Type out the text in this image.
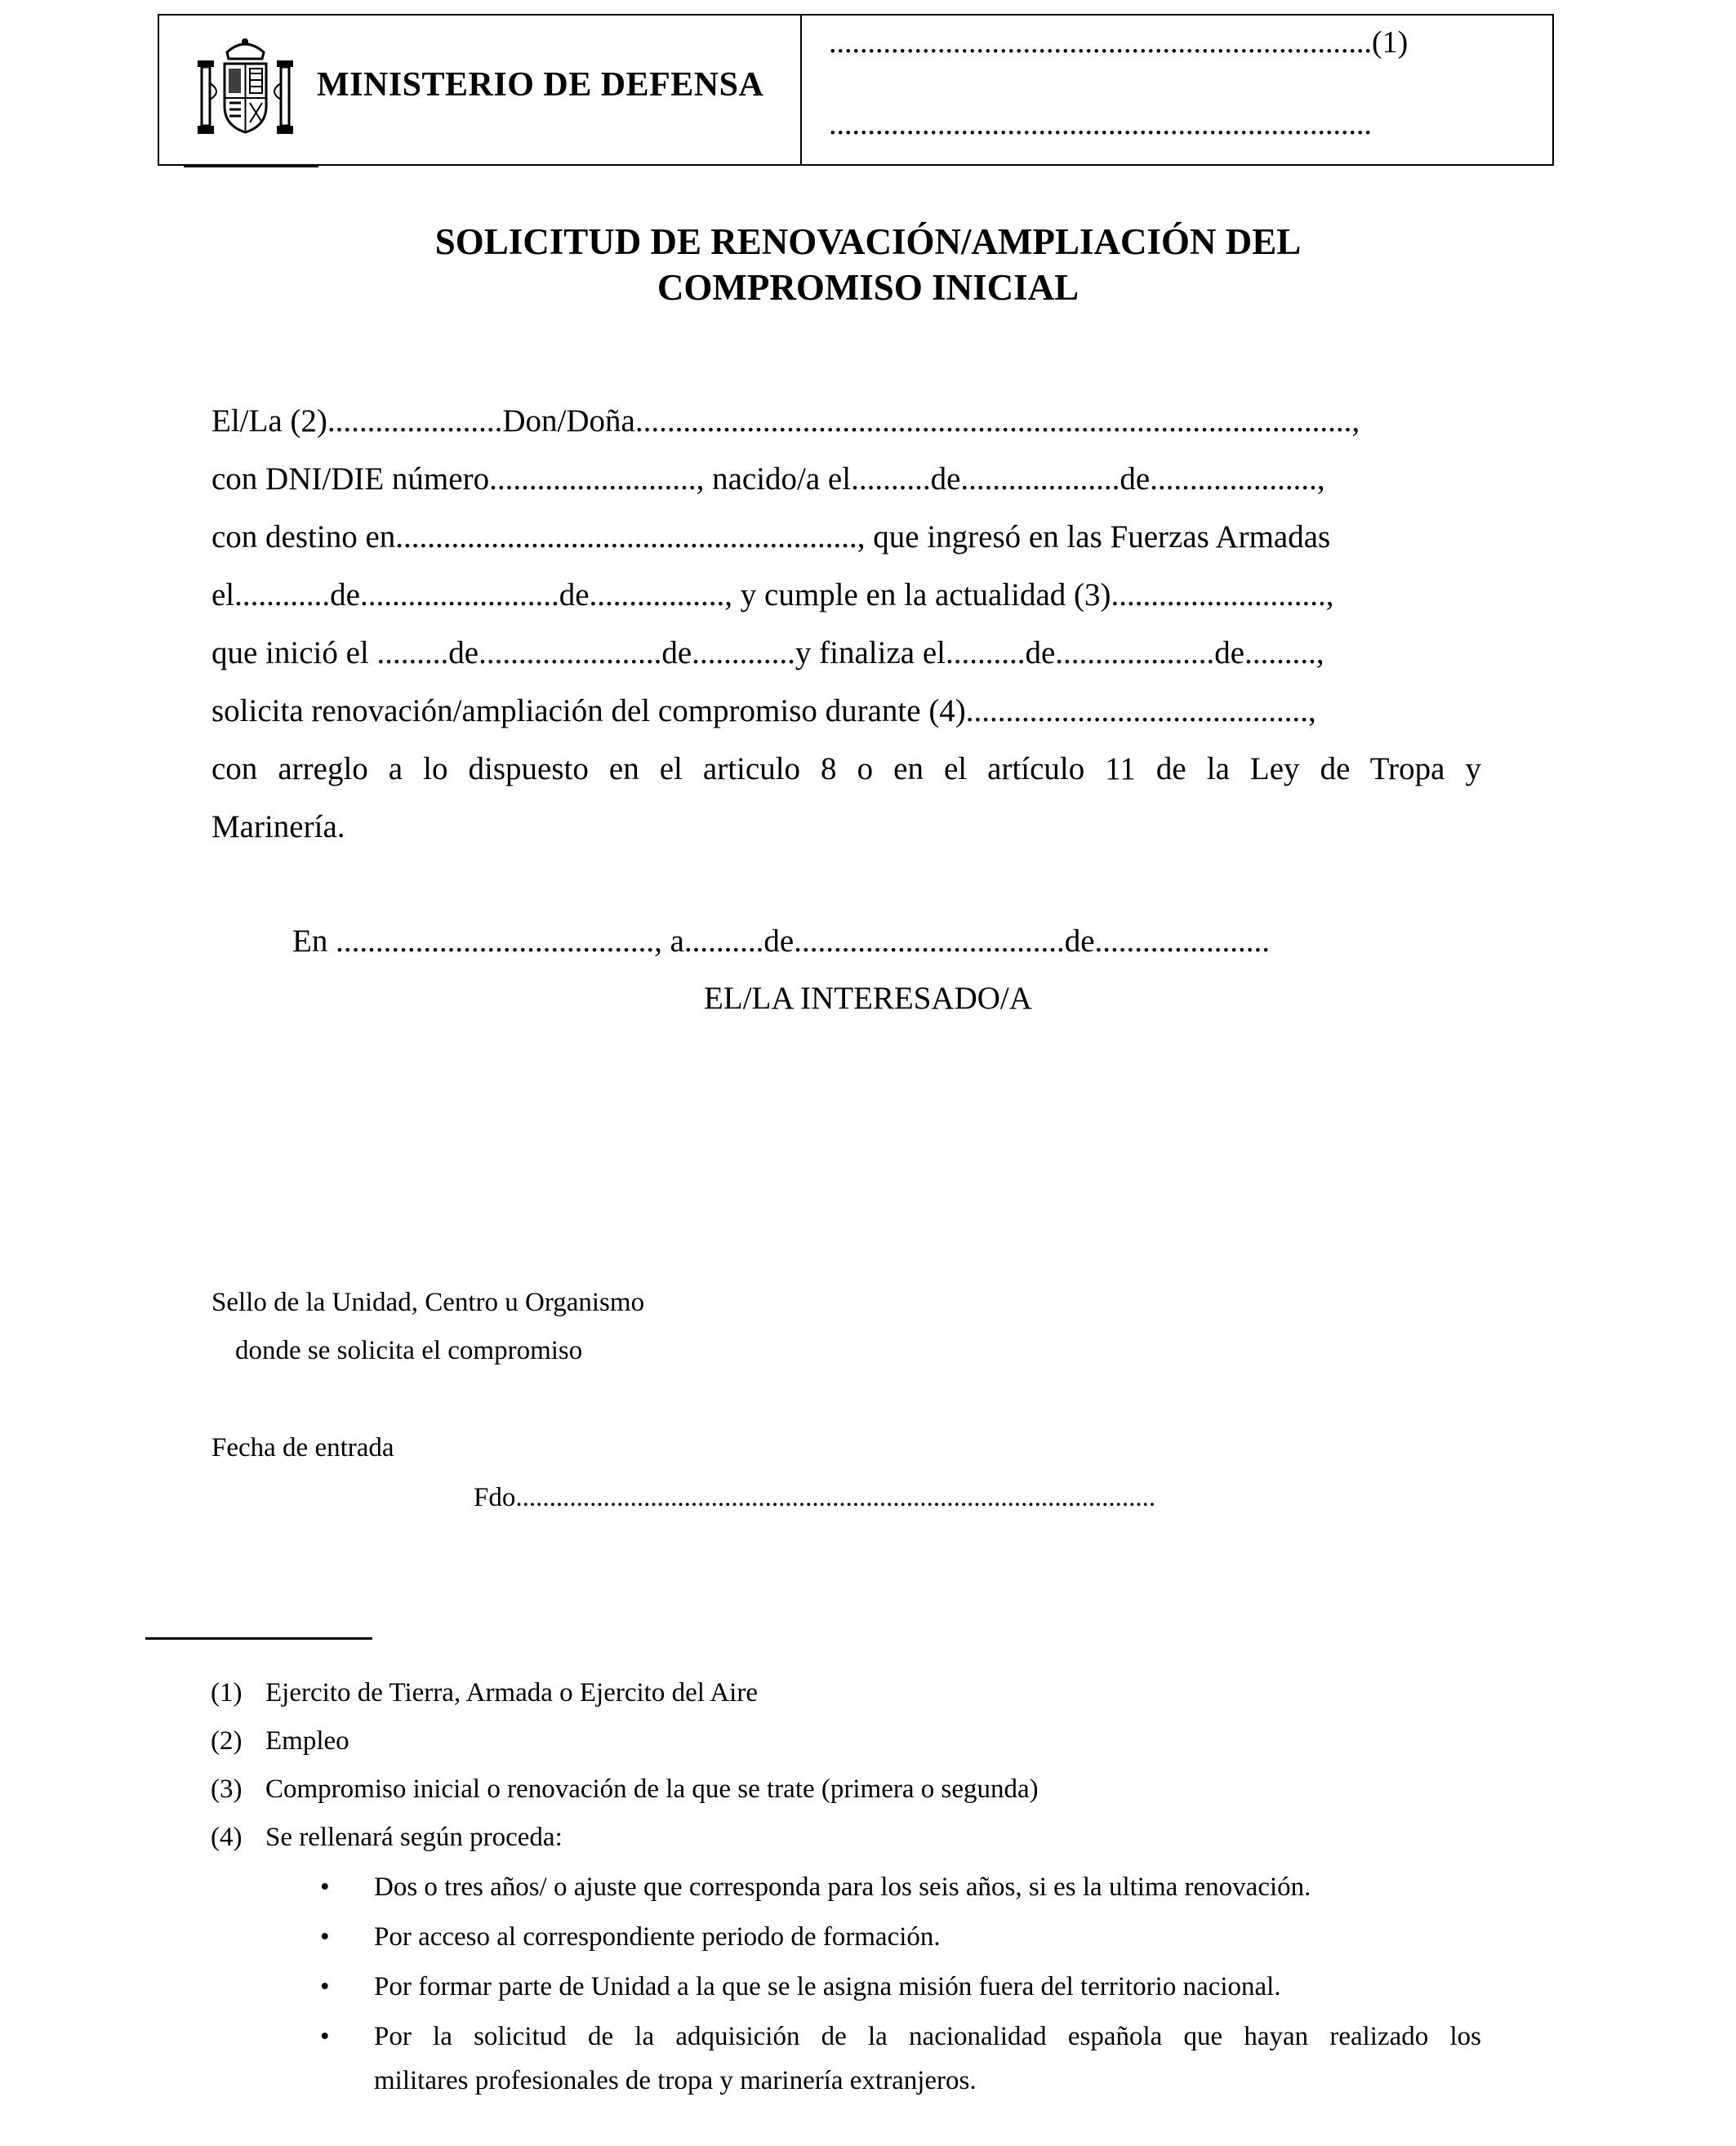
MINISTERIO DE DEFENSA
......................................................................(1)
......................................................................
SOLICITUD DE RENOVACIÓN/AMPLIACIÓN DEL
COMPROMISO INICIAL
El/La (2)......................Don/Doña..........................................................................................,
con DNI/DIE número.........................., nacido/a el..........de....................de.....................,
con destino en.........................................................., que ingresó en las Fuerzas Armadas
el............de.........................de................., y cumple en la actualidad (3)...........................,
que inició el .........de.......................de.............y finaliza el..........de....................de.........,
solicita renovación/ampliación del compromiso durante (4)...........................................,
con arreglo a lo dispuesto en el articulo 8 o en el artículo 11 de la Ley de Tropa y
Marinería.
En ........................................, a..........de..................................de......................
EL/LA INTERESADO/A
Sello de la Unidad, Centro u Organismo
donde se solicita el compromiso
Fecha de entrada
Fdo...............................................................................................
(1) Ejercito de Tierra, Armada o Ejercito del Aire
(2) Empleo
(3) Compromiso inicial o renovación de la que se trate (primera o segunda)
(4) Se rellenará según proceda:
• Dos o tres años/ o ajuste que corresponda para los seis años, si es la ultima renovación.
• Por acceso al correspondiente periodo de formación.
• Por formar parte de Unidad a la que se le asigna misión fuera del territorio nacional.
• Por la solicitud de la adquisición de la nacionalidad española que hayan realizado los
militares profesionales de tropa y marinería extranjeros.
